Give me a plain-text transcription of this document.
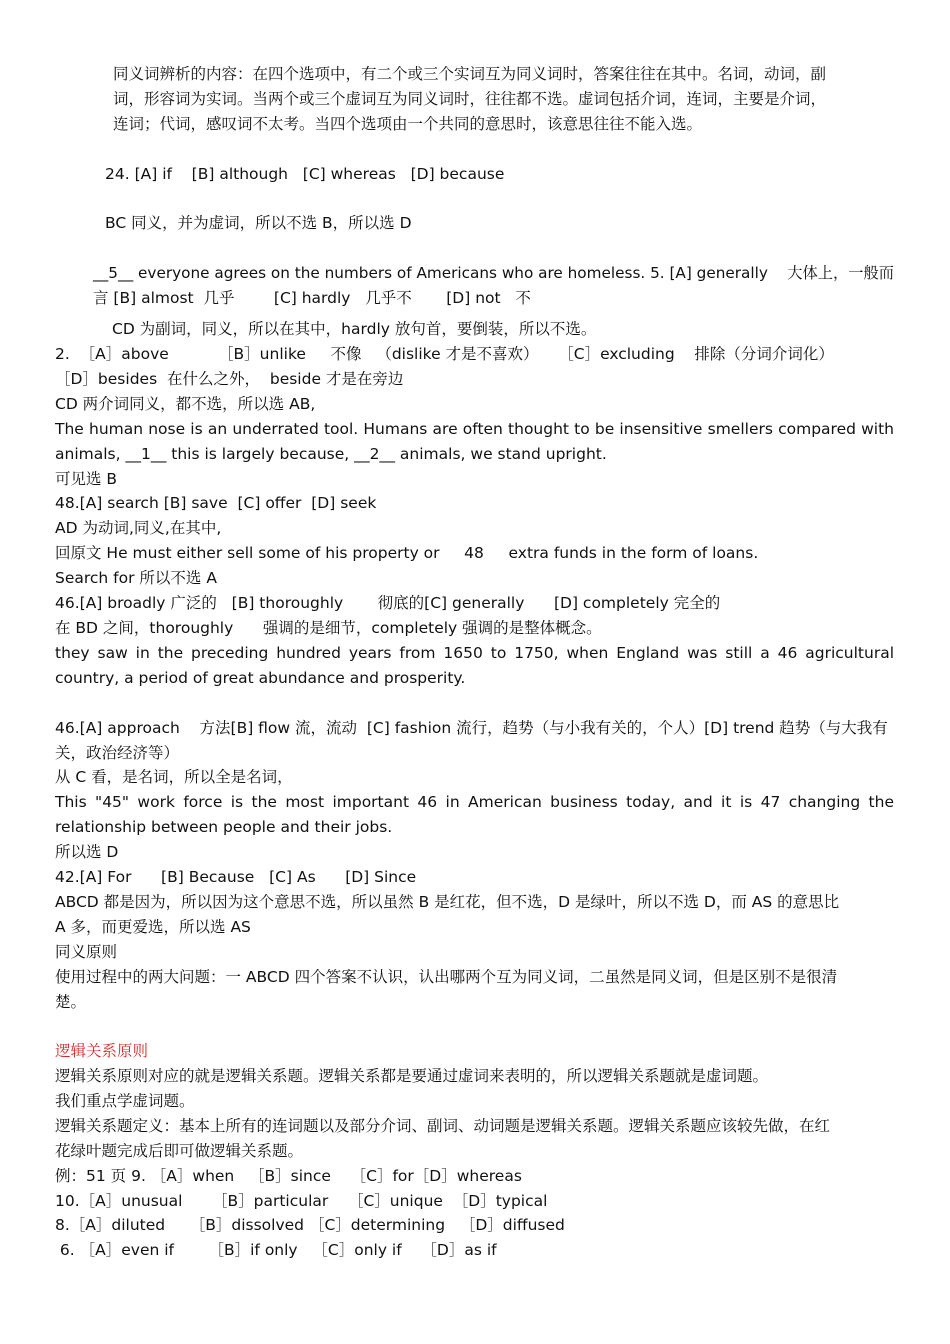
同义词辨析的内容：在四个选项中，有二个或三个实词互为同义词时，答案往往在其中。名词，动词，副
词，形容词为实词。当两个或三个虚词互为同义词时，往往都不选。虚词包括介词，连词，主要是介词，
连词；代词，感叹词不太考。当四个选项由一个共同的意思时，该意思往往不能入选。
24. [A] if    [B] although   [C] whereas   [D] because
BC 同义，并为虚词，所以不选 B，所以选 D
__5__ everyone agrees on the numbers of Americans who are homeless. 5. [A] generally    大体上，一般而
言 [B] almost  几乎        [C] hardly   几乎不       [D] not   不
CD 为副词，同义，所以在其中，hardly 放句首，要倒装，所以不选。
2.  ［A］above          ［B］unlike     不像   （dislike 才是不喜欢）    ［C］excluding    排除（分词介词化）
［D］besides  在什么之外，  beside 才是在旁边
CD 两介词同义，都不选，所以选 AB,
The human nose is an underrated tool. Humans are often thought to be insensitive smellers compared with
animals, __1__ this is largely because, __2__ animals, we stand upright.
可见选 B
48.[A] search [B] save  [C] offer  [D] seek
AD 为动词,同义,在其中,
回原文 He must either sell some of his property or     48     extra funds in the form of loans.
Search for 所以不选 A
46.[A] broadly 广泛的   [B] thoroughly       彻底的[C] generally      [D] completely 完全的
在 BD 之间，thoroughly      强调的是细节，completely 强调的是整体概念。
they saw in the preceding hundred years from 1650 to 1750, when England was still a 46 agricultural
country, a period of great abundance and prosperity.
46.[A] approach    方法[B] flow 流，流动  [C] fashion 流行，趋势（与小我有关的，个人）[D] trend 趋势（与大我有
关，政治经济等）
从 C 看，是名词，所以全是名词，
This "45" work force is the most important 46 in American business today, and it is 47 changing the
relationship between people and their jobs.
所以选 D
42.[A] For      [B] Because   [C] As      [D] Since
ABCD 都是因为，所以因为这个意思不选，所以虽然 B 是红花，但不选，D 是绿叶，所以不选 D，而 AS 的意思比
A 多，而更爱选，所以选 AS
同义原则
使用过程中的两大问题：一 ABCD 四个答案不认识，认出哪两个互为同义词，二虽然是同义词，但是区别不是很清
楚。
逻辑关系原则
逻辑关系原则对应的就是逻辑关系题。逻辑关系都是要通过虚词来表明的，所以逻辑关系题就是虚词题。
我们重点学虚词题。
逻辑关系题定义：基本上所有的连词题以及部分介词、副词、动词题是逻辑关系题。逻辑关系题应该较先做，在红
花绿叶题完成后即可做逻辑关系题。
例：51 页 9. ［A］when   ［B］since    ［C］for［D］whereas
10.［A］unusual      ［B］particular    ［C］unique  ［D］typical
8.［A］diluted     ［B］dissolved ［C］determining   ［D］diffused
6. ［A］even if       ［B］if only   ［C］only if    ［D］as if
